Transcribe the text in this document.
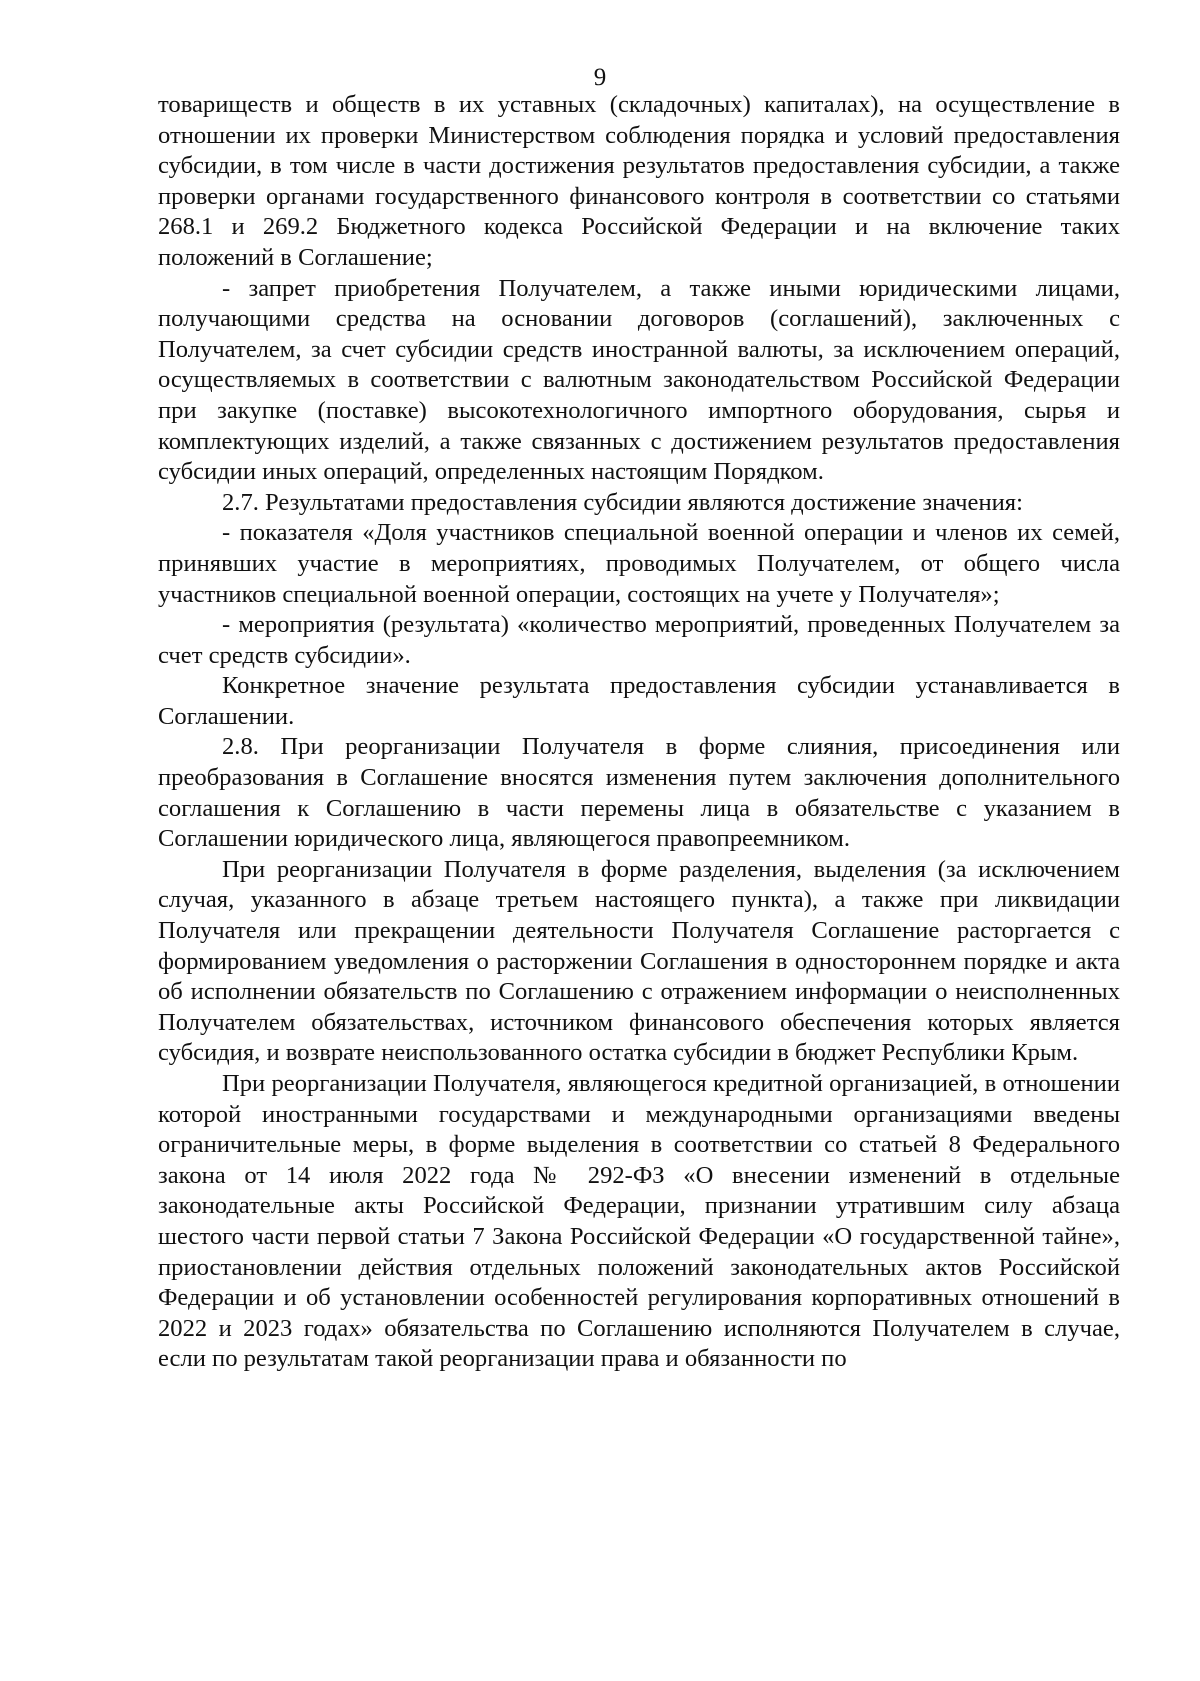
9

товариществ и обществ в их уставных (складочных) капиталах), на осуществление в отношении их проверки Министерством соблюдения порядка и условий предоставления субсидии, в том числе в части достижения результатов предоставления субсидии, а также проверки органами государственного финансового контроля в соответствии со статьями 268.1 и 269.2 Бюджетного кодекса Российской Федерации и на включение таких положений в Соглашение;

- запрет приобретения Получателем, а также иными юридическими лицами, получающими средства на основании договоров (соглашений), заключенных с Получателем, за счет субсидии средств иностранной валюты, за исключением операций, осуществляемых в соответствии с валютным законодательством Российской Федерации при закупке (поставке) высокотехнологичного импортного оборудования, сырья и комплектующих изделий, а также связанных с достижением результатов предоставления субсидии иных операций, определенных настоящим Порядком.

2.7. Результатами предоставления субсидии являются достижение значения:

- показателя «Доля участников специальной военной операции и членов их семей, принявших участие в мероприятиях, проводимых Получателем, от общего числа участников специальной военной операции, состоящих на учете у Получателя»;

- мероприятия (результата) «количество мероприятий, проведенных Получателем за счет средств субсидии».

Конкретное значение результата предоставления субсидии устанавливается в Соглашении.

2.8. При реорганизации Получателя в форме слияния, присоединения или преобразования в Соглашение вносятся изменения путем заключения дополнительного соглашения к Соглашению в части перемены лица в обязательстве с указанием в Соглашении юридического лица, являющегося правопреемником.

При реорганизации Получателя в форме разделения, выделения (за исключением случая, указанного в абзаце третьем настоящего пункта), а также при ликвидации Получателя или прекращении деятельности Получателя Соглашение расторгается с формированием уведомления о расторжении Соглашения в одностороннем порядке и акта об исполнении обязательств по Соглашению с отражением информации о неисполненных Получателем обязательствах, источником финансового обеспечения которых является субсидия, и возврате неиспользованного остатка субсидии в бюджет Республики Крым.

При реорганизации Получателя, являющегося кредитной организацией, в отношении которой иностранными государствами и международными организациями введены ограничительные меры, в форме выделения в соответствии со статьей 8 Федерального закона от 14 июля 2022 года № 292-ФЗ «О внесении изменений в отдельные законодательные акты Российской Федерации, признании утратившим силу абзаца шестого части первой статьи 7 Закона Российской Федерации «О государственной тайне», приостановлении действия отдельных положений законодательных актов Российской Федерации и об установлении особенностей регулирования корпоративных отношений в 2022 и 2023 годах» обязательства по Соглашению исполняются Получателем в случае, если по результатам такой реорганизации права и обязанности по
